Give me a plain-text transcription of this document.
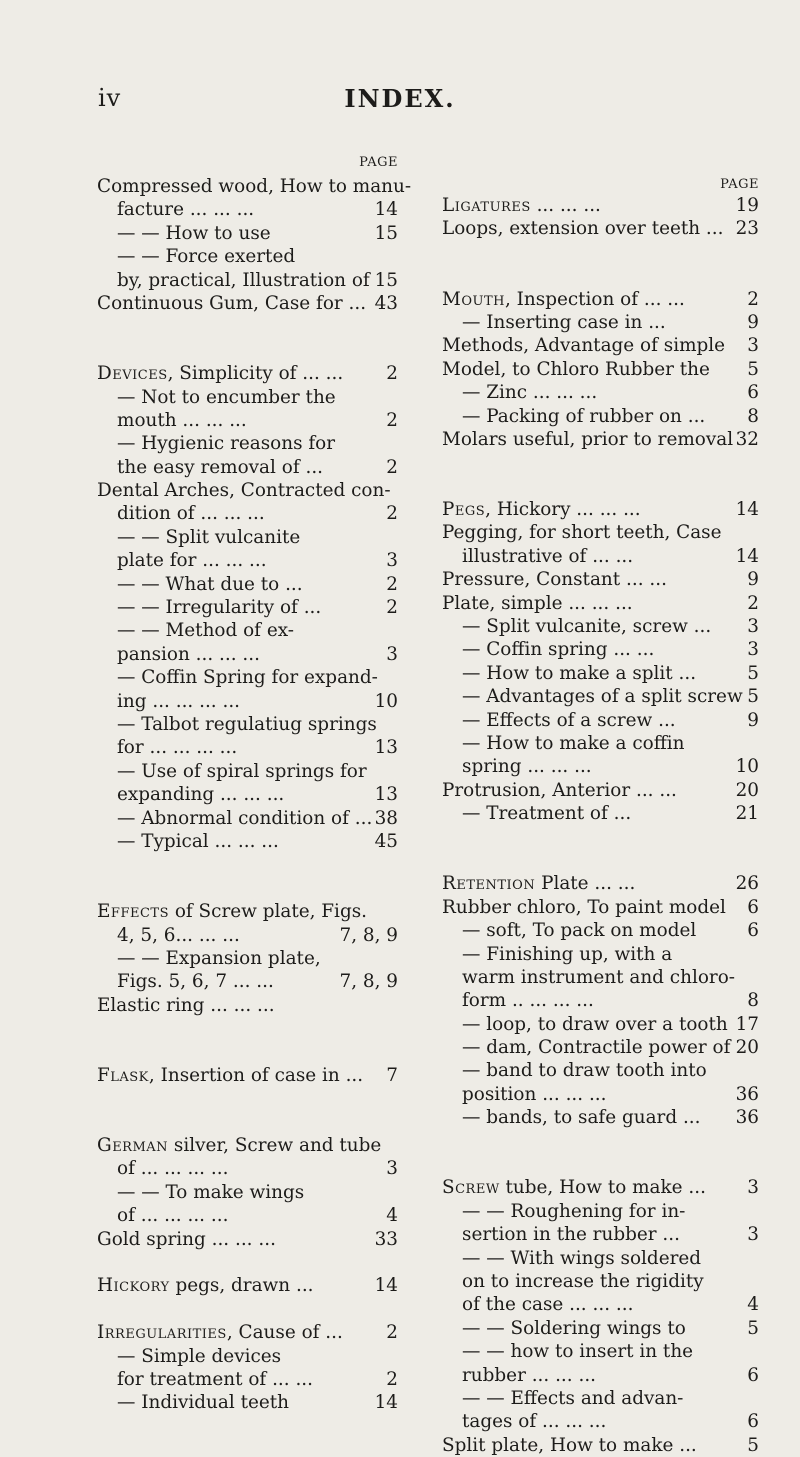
iv	INDEX.
PAGE
Compressed wood, How to manu-
facture ... ... ...	14
— — How to use	15
— — Force exerted
by, practical, Illustration of 15
Continuous Gum, Case for ... 43
Devices, Simplicity of ... ... 2
— Not to encumber the
mouth ... ... ...	2
— Hygienic reasons for
the easy removal of ...	2
Dental Arches, Contracted con-
dition of ... ... ...	2
— — Split vulcanite
plate for ... ... ...	3
— — What due to ...	2
— — Irregularity of ...	2
— — Method of ex-
pansion ... ... ...	3
— Coffin Spring for expand-
ing ... ... ... ...	10
— Talbot regulatiug springs
for ... ... ... ...	13
— Use of spiral springs for
expanding ... ... ...	13
— Abnormal condition of ... 38
— Typical ... ... ...	45
Effects of Screw plate, Figs.
4, 5, 6... ... ...	7, 8, 9
— — Expansion plate,
Figs. 5, 6, 7 ... ...	7, 8, 9
Elastic ring ... ... ...
Flask, Insertion of case in ... 7
German silver, Screw and tube
of ... ... ... ...	3
— — To make wings
of ... ... ... ...	4
Gold spring ... ... ...	33
Hickory pegs, drawn ...	14
Irregularities, Cause of ... 2
— Simple devices
for treatment of ... ...	2
— Individual teeth	14
PAGE
Ligatures ... ... ...	19
Loops, extension over teeth ... 23
Mouth, Inspection of ... ...	2
— Inserting case in ...	9
Methods, Advantage of simple 3
Model, to Chloro Rubber the 5
— Zinc ... ... ...	6
— Packing of rubber on ... 8
Molars useful, prior to removal 32
Pegs, Hickory ... ... ...	14
Pegging, for short teeth, Case
illustrative of ... ...	14
Pressure, Constant ... ...	9
Plate, simple ... ... ...	2
— Split vulcanite, screw ... 3
— Coffin spring ... ...	3
— How to make a split ...	5
— Advantages of a split screw 5
— Effects of a screw ...	9
— How to make a coffin
spring ... ... ...	10
Protrusion, Anterior ... ...	20
— Treatment of ...	21
Retention Plate ... ...	26
Rubber chloro, To paint model 6
— soft, To pack on model	6
— Finishing up, with a
warm instrument and chloro-
form .. ... ... ...	8
— loop, to draw over a tooth 17
— dam, Contractile power of 20
— band to draw tooth into
position ... ... ...	36
— bands, to safe guard ... 36
Screw tube, How to make ... 3
— — Roughening for in-
sertion in the rubber ...	3
— — With wings soldered
on to increase the rigidity
of the case ... ... ...	4
— — Soldering wings to	5
— — how to insert in the
rubber ... ... ...	6
— — Effects and advan-
tages of ... ... ...	6
Split plate, How to make ...	5
